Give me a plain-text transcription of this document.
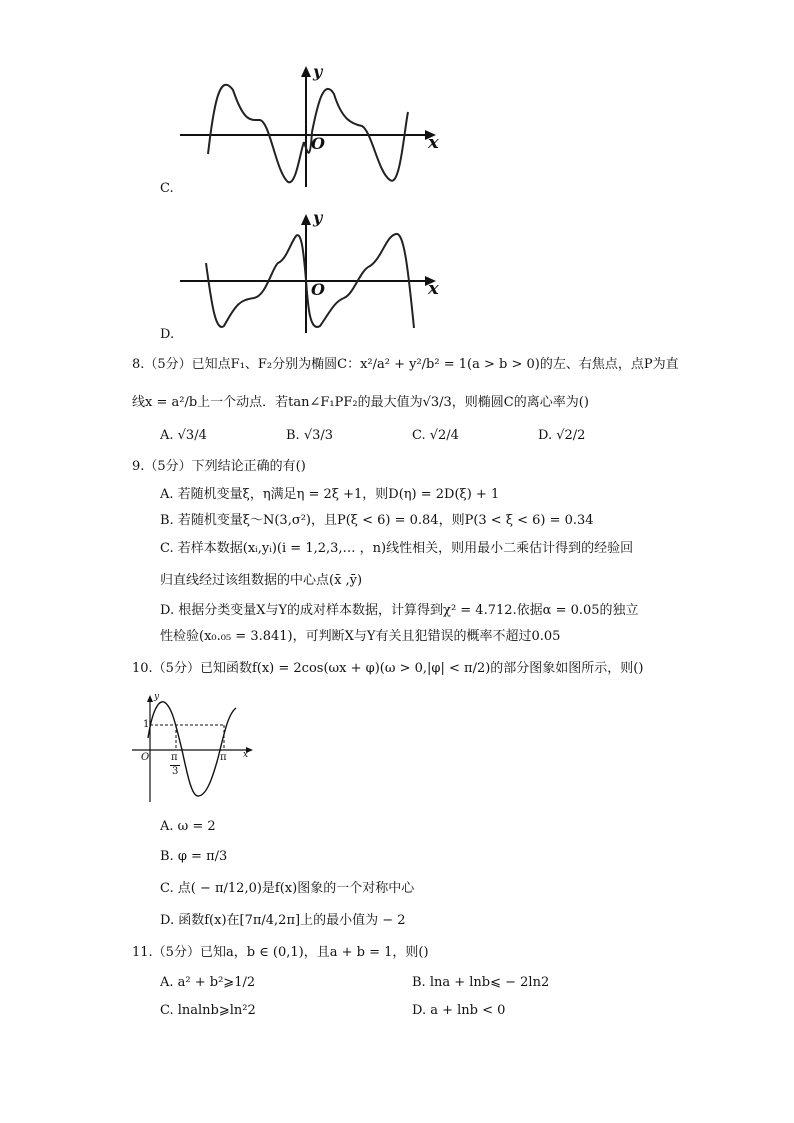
x
y
O
C.
x
y
O
D.
8.（5分）已知点F₁、F₂分别为椭圆C：x²/a² + y²/b² = 1(a > b > 0)的左、右焦点，点P为直
线x = a²/b上一个动点．若tan∠F₁PF₂的最大值为√3/3，则椭圆C的离心率为()
A. √3/4	B. √3/3	C. √2/4	D. √2/2
9.（5分）下列结论正确的有()
A. 若随机变量ξ，η满足η = 2ξ +1，则D(η) = 2D(ξ) + 1
B. 若随机变量ξ～N(3,σ²)，且P(ξ < 6) = 0.84，则P(3 < ξ < 6) = 0.34
C. 若样本数据(xᵢ,yᵢ)(i = 1,2,3,… ，n)线性相关，则用最小二乘估计得到的经验回
归直线经过该组数据的中心点(x̄ ,ȳ)
D. 根据分类变量X与Y的成对样本数据，计算得到χ² = 4.712.依据α = 0.05的独立
性检验(x₀.₀₅ = 3.841)，可判断X与Y有关且犯错误的概率不超过0.05
10.（5分）已知函数f(x) = 2cos(ωx + φ)(ω > 0,|φ| < π/2)的部分图象如图所示，则()
y
1
O π
3
π x
A. ω = 2
B. φ = π/3
C. 点( − π/12,0)是f(x)图象的一个对称中心
D. 函数f(x)在[7π/4,2π]上的最小值为 − 2
11.（5分）已知a，b ∈ (0,1)，且a + b = 1，则()
A. a² + b²⩾1/2	B. lna + lnb⩽ − 2ln2
C. lnalnb⩾ln²2	D. a + lnb < 0
